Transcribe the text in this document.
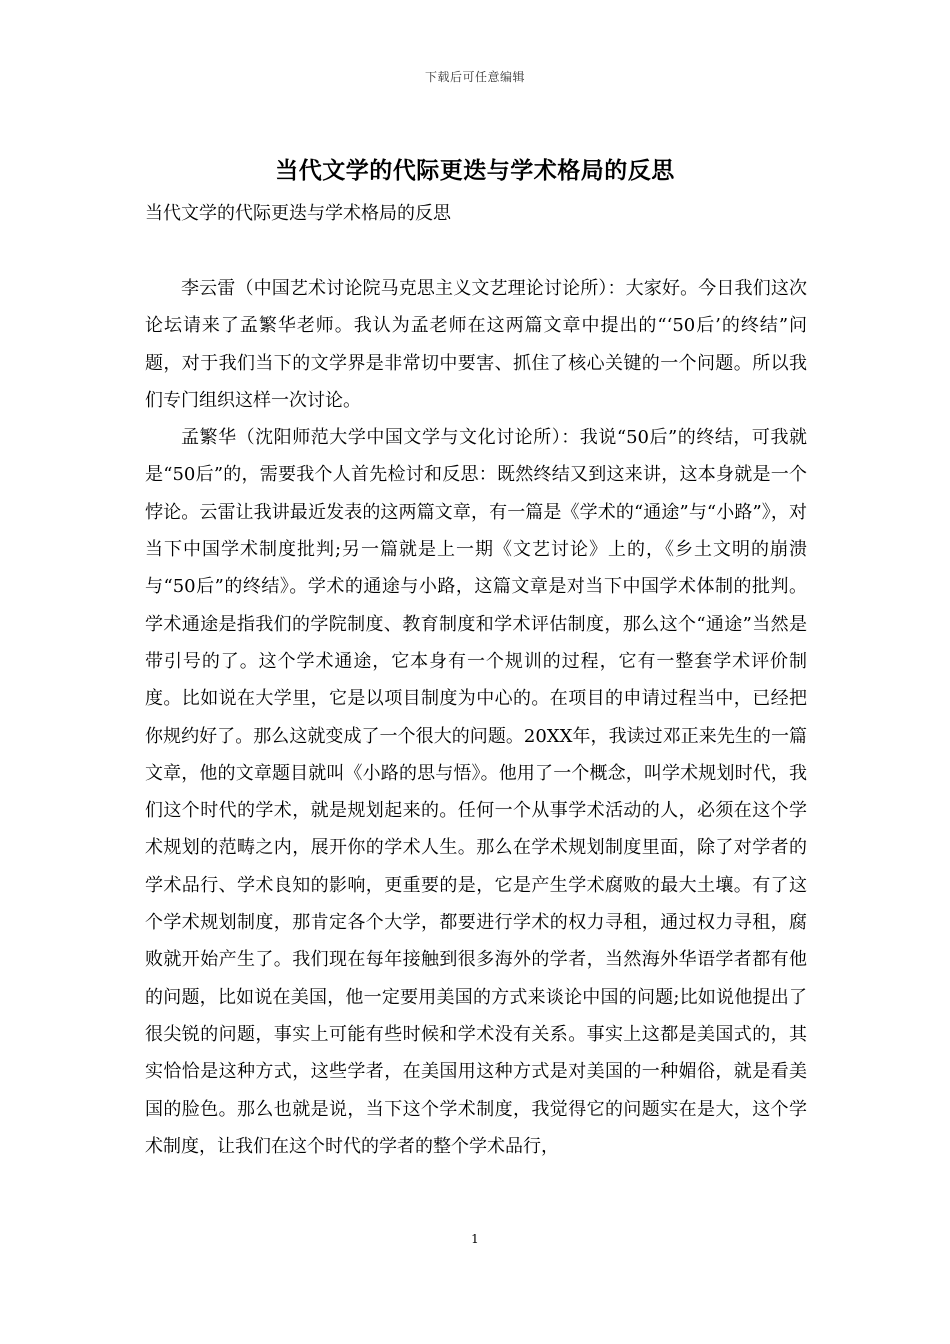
下载后可任意编辑
当代文学的代际更迭与学术格局的反思
当代文学的代际更迭与学术格局的反思

李云雷（中国艺术讨论院马克思主义文艺理论讨论所）：大家好。今日我们这次论坛请来了孟繁华老师。我认为孟老师在这两篇文章中提出的“‘50后’的终结”问题，对于我们当下的文学界是非常切中要害、抓住了核心关键的一个问题。所以我们专门组织这样一次讨论。

孟繁华（沈阳师范大学中国文学与文化讨论所）：我说“50后”的终结，可我就是“50后”的，需要我个人首先检讨和反思：既然终结又到这来讲，这本身就是一个悖论。云雷让我讲最近发表的这两篇文章，有一篇是《学术的“通途”与“小路”》，对当下中国学术制度批判;另一篇就是上一期《文艺讨论》上的，《乡土文明的崩溃与“50后”的终结》。学术的通途与小路，这篇文章是对当下中国学术体制的批判。学术通途是指我们的学院制度、教育制度和学术评估制度，那么这个“通途”当然是带引号的了。这个学术通途，它本身有一个规训的过程，它有一整套学术评价制度。比如说在大学里，它是以项目制度为中心的。在项目的申请过程当中，已经把你规约好了。那么这就变成了一个很大的问题。20XX年，我读过邓正来先生的一篇文章，他的文章题目就叫《小路的思与悟》。他用了一个概念，叫学术规划时代，我们这个时代的学术，就是规划起来的。任何一个从事学术活动的人，必须在这个学术规划的范畴之内，展开你的学术人生。那么在学术规划制度里面，除了对学者的学术品行、学术良知的影响，更重要的是，它是产生学术腐败的最大土壤。有了这个学术规划制度，那肯定各个大学，都要进行学术的权力寻租，通过权力寻租，腐败就开始产生了。我们现在每年接触到很多海外的学者，当然海外华语学者都有他的问题，比如说在美国，他一定要用美国的方式来谈论中国的问题;比如说他提出了很尖锐的问题，事实上可能有些时候和学术没有关系。事实上这都是美国式的，其实恰恰是这种方式，这些学者，在美国用这种方式是对美国的一种媚俗，就是看美国的脸色。那么也就是说，当下这个学术制度，我觉得它的问题实在是大，这个学术制度，让我们在这个时代的学者的整个学术品行，

1
